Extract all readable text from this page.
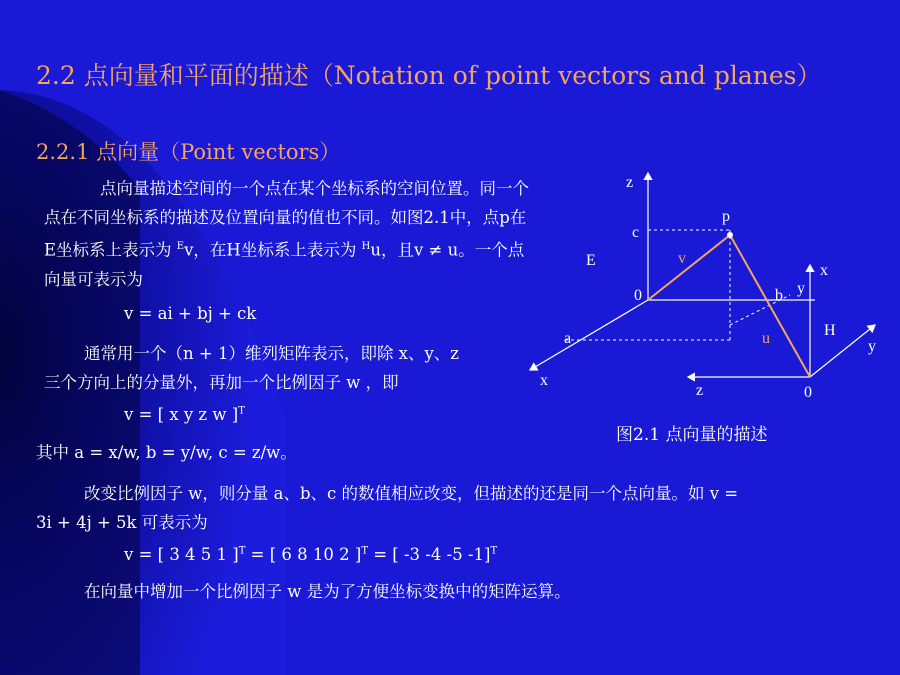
2.2 点向量和平面的描述（Notation of point vectors and planes）
2.2.1 点向量（Point vectors）
点向量描述空间的一个点在某个坐标系的空间位置。同一个点在不同坐标系的描述及位置向量的值也不同。如图2.1中，点p在E坐标系上表示为 $^E$v，在H坐标系上表示为 $^H$u，且v ≠ u。一个点向量可表示为
v = ai + bj + ck
通常用一个（n + 1）维列矩阵表示，即除 x、y、z
三个方向上的分量外，再加一个比例因子 w ，即
v = [ x y z w ]$^T$
其中 a = x/w, b = y/w, c = z/w。
改变比例因子 w，则分量 a、b、c 的数值相应改变，但描述的还是同一个点向量。如 v =
3i + 4j + 5k 可表示为
v = [ 3 4 5 1 ]$^T$ = [ 6 8 10 2 ]$^T$ = [ -3 -4 -5 -1]$^T$
在向量中增加一个比例因子 w 是为了方便坐标变换中的矩阵运算。
z
p
c
E	v
x
0	b y
a	u	H
y
x
z	0
图2.1 点向量的描述
